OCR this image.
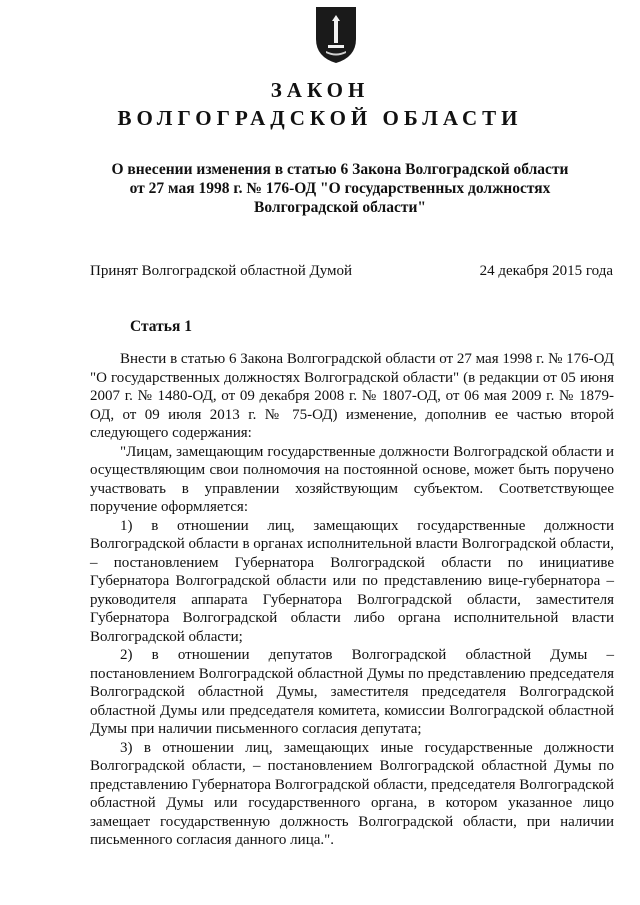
ЗАКОН
ВОЛГОГРАДСКОЙ ОБЛАСТИ
О внесении изменения в статью 6 Закона Волгоградской области от 27 мая 1998 г. № 176-ОД "О государственных должностях Волгоградской области"
Принят Волгоградской областной Думой	24 декабря 2015 года
Статья 1

Внести в статью 6 Закона Волгоградской области от 27 мая 1998 г. № 176-ОД "О государственных должностях Волгоградской области" (в редакции от 05 июня 2007 г. № 1480-ОД, от 09 декабря 2008 г. № 1807-ОД, от 06 мая 2009 г. № 1879-ОД, от 09 июля 2013 г. № 75-ОД) изменение, дополнив ее частью второй следующего содержания:

"Лицам, замещающим государственные должности Волгоградской области и осуществляющим свои полномочия на постоянной основе, может быть поручено участвовать в управлении хозяйствующим субъектом. Соответствующее поручение оформляется:

1) в отношении лиц, замещающих государственные должности Волгоградской области в органах исполнительной власти Волгоградской области, – постановлением Губернатора Волгоградской области по инициативе Губернатора Волгоградской области или по представлению вице-губернатора – руководителя аппарата Губернатора Волгоградской области, заместителя Губернатора Волгоградской области либо органа исполнительной власти Волгоградской области;

2) в отношении депутатов Волгоградской областной Думы – постановлением Волгоградской областной Думы по представлению председателя Волгоградской областной Думы, заместителя председателя Волгоградской областной Думы или председателя комитета, комиссии Волгоградской областной Думы при наличии письменного согласия депутата;

3) в отношении лиц, замещающих иные государственные должности Волгоградской области, – постановлением Волгоградской областной Думы по представлению Губернатора Волгоградской области, председателя Волгоградской областной Думы или государственного органа, в котором указанное лицо замещает государственную должность Волгоградской области, при наличии письменного согласия данного лица.".
